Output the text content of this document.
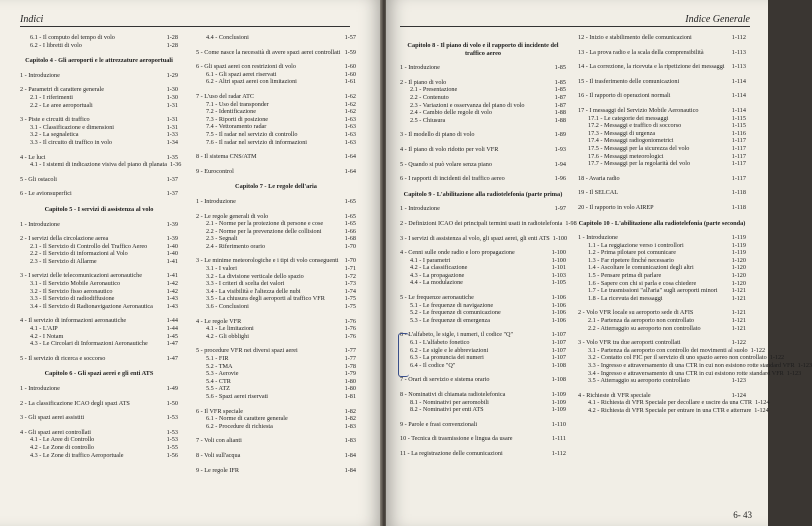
Indici
6.1 - Il computo del tempo di volo	1-28
6.2 - I libretti di volo	1-28
Capitolo 4 - Gli aeroporti e le attrezzature aeroportuali
1 - Introduzione	1-29
2 - Parametri di carattere generale	1-30
2.1 - I riferimenti	1-30
2.2 - Le aree aeroportuali	1-31
3 - Piste e circuiti di traffico	1-31
3.1 - Classificazione e dimensioni	1-31
3.2 - La segnaletica	1-33
3.3 - Il circuito di traffico in volo	1-34
4 - Le luci	1-35
4.1 - I sistemi di indicazione visiva del piano di planata 1-36
5 - Gli ostacoli	1-37
6 - Le avionsuperfici	1-37
Capitolo 5 - I servizi di assistenza al volo
1 - Introduzione	1-39
2 - I servizi della circolazione aerea	1-39
2.1 - Il Servizio di Controllo del Traffico Aereo	1-40
2.2 - Il Servizio di informazioni al Volo	1-40
2.3 - Il Servizio di Allarme	1-41
3 - I servizi delle telecomunicazioni aeronautiche	1-41
3.1 - Il Servizio Mobile Aeronautico	1-42
3.2 - Il Servizio fisso aeronautico	1-42
3.3 - Il Servizio di radiodiffusione	1-43
3.4 - Il Servizio di Radionavigazione Aeronautica	1-43
4 - Il servizio di informazioni aeronautiche	1-44
4.1 - L'AIP	1-44
4.2 - I Notam	1-45
4.3 - Le Circolari di Informazioni Aeronautiche	1-47
5 - Il servizio di ricerca e soccorso	1-47
Capitolo 6 - Gli spazi aerei e gli enti ATS
1 - Introduzione	1-49
2 - La classificazione ICAO degli spazi ATS	1-50
3 - Gli spazi aerei assistiti	1-53
4 - Gli spazi aerei controllati	1-53
4.1 - Le Aree di Controllo	1-53
4.2 - Le Zone di controllo	1-55
4.3 - Le Zone di traffico Aeroportuale	1-56
4.4 - Conclusioni	1-57
5 - Come nasce la necessità di avere spazi aerei controllati 1-59
6 - Gli spazi aerei con restrizioni di volo	1-60
6.1 - Gli spazi aerei riservati	1-60
6.2 - Altri spazi aerei con limitazioni	1-61
7 - L'uso del radar ATC	1-62
7.1 - Uso del transponder	1-62
7.2 - Identificazione	1-62
7.3 - Riporti di posizione	1-63
7.4 - Vettoramento radar	1-63
7.5 - Il radar nel servizio di controllo	1-63
7.6 - Il radar nel servizio di informazioni	1-63
8 - Il sistema CNS/ATM	1-64
9 - Eurocontrol	1-64
Capitolo 7 - Le regole dell'aria
1 - Introduzione	1-65
2 - Le regole generali di volo	1-65
2.1 - Norme per la protezione di persone e cose	1-65
2.2 - Norme per la prevenzione delle collisioni	1-66
2.3 - Segnali	1-68
2.4 - Riferimento orario	1-70
3 - Le minime meteorologiche e i tipi di volo conseguenti 1-70
3.1 - I valori	1-71
3.2 - La divisione verticale dello spazio	1-72
3.3 - I criteri di scelta dei valori	1-73
3.4 - La visibilità e l'altezza delle nubi	1-74
3.5 - La chiusura degli aeroporti al traffico VFR	1-75
3.6 - Conclusioni	1-75
4 - Le regole VFR	1-76
4.1 - Le limitazioni	1-76
4.2 - Gli obblighi	1-76
5 - procedure VFR nei diversi spazi aerei	1-77
5.1 - FIR	1-77
5.2 - TMA	1-78
5.3 - Aerovie	1-79
5.4 - CTR	1-80
5.5 - ATZ	1-80
5.6 - Spazi aerei riservati	1-81
6 - Il VFR speciale	1-82
6.1 - Norme di carattere generale	1-82
6.2 - Procedure di richiesta	1-83
7 - Voli con alianti	1-83
8 - Voli sull'acqua	1-84
9 - Le regole IFR	1-84
Indice Generale
Capitolo 8 - Il piano di volo e il rapporto di incidente del traffico aereo
1 - Introduzione	1-85
2 - Il piano di volo	1-85
2.1 - Presentazione	1-85
2.2 - Contenuto	1-87
2.3 - Variazioni e osservanza del piano di volo	1-87
2.4 - Cambio delle regole di volo	1-88
2.5 - Chiusura	1-88
3 - Il modello di piano di volo	1-89
4 - Il piano di volo ridotto per voli VFR	1-93
5 - Quando si può volare senza piano	1-94
6 - I rapporti di incidenti del traffico aereo	1-96
Capitolo 9 - L'abilitazione alla radiotelefonia (parte prima)
1 - Introduzione	1-97
2 - Definizioni ICAO dei principali termini usati in radiotelefonia 1-98
3 - I servizi di assistenza al volo, gli spazi aerei, gli enti ATS 1-100
4 - Cenni sulle onde radio e loro propagazione	1-100
4.1 - I parametri	1-100
4.2 - La classificazione	1-101
4.3 - La propagazione	1-103
4.4 - La modulazione	1-105
5 - Le frequenze aeronautiche	1-106
5.1 - Le frequenze di navigazione	1-106
5.2 - Le frequenze di comunicazione	1-106
5.3 - Le frequenze di emergenza	1-106
6 - L'alfabeto, le sigle, i numeri, il codice "Q"	1-107
6.1 - L'alfabeto fonetico	1-107
6.2 - Le sigle e le abbreviazioni	1-107
6.3 - La pronuncia dei numeri	1-107
6.4 - Il codice "Q"	1-108
7 - Orari di servizio e sistema orario	1-108
8 - Nominativi di chiamata radiotelefonica	1-109
8.1 - Nominativi per aeromobili	1-109
8.2 - Nominativi per enti ATS	1-109
9 - Parole e frasi convenzionali	1-110
10 - Tecnica di trasmissione e lingua da usare	1-111
11 - La registrazione delle comunicazioni	1-112
12 - Inizio e stabilimento delle comunicazioni	1-112
13 - La prova radio e la scala della comprensibilità	1-113
14 - La correzione, la ricevuta e la ripetizione dei messaggi	1-113
15 - Il trasferimento delle comunicazioni	1-114
16 - Il rapporto di operazioni normali	1-114
17 - I messaggi del Servizio Mobile Aeronautico	1-114
17.1 - Le categorie dei messaggi	1-115
17.2 - Messaggi e traffico di soccorso	1-115
17.3 - Messaggi di urgenza	1-116
17.4 - Messaggi radiogoniometrici	1-117
17.5 - Messaggi per la sicurezza del volo	1-117
17.6 - Messaggi meteorologici	1-117
17.7 - Messaggi per la regolarità del volo	1-117
18 - Avaria radio	1-117
19 - Il SELCAL	1-118
20 - Il rapporto in volo AIREP	1-118
Capitolo 10 - L'abilitazione alla radiotelefonia (parte seconda)
1 - Introduzione	1-119
1.1 - La reggiazione verso i controllori	1-119
1.2 - Prima pilotare poi comunicare	1-119
1.3 - Far ripetere finché necessario	1-120
1.4 - Ascoltare le comunicazioni degli altri	1-120
1.5 - Pensare prima di parlare	1-120
1.6 - Sapere con chi si parla e cosa chiedere	1-120
1.7 - Le trasmissioni "all'aria" sugli aeroporti minori	1-121
1.8 - La ricevuta dei messaggi	1-121
2 - Volo VFR locale su aeroporto sede di AFIS	1-121
2.1 - Partenza da aeroporto non controllato	1-121
2.2 - Atterraggio su aeroporto non controllato	1-121
3 - Volo VFR tra due aeroporti controllati	1-122
3.1 - Partenza da aeroporto con controllo dei movimenti al suolo 1-122
3.2 - Contatto col FIC per il servizio di uno spazio aereo non controllato 1-122
3.3 - Ingresso e attraversamento di una CTR in cui non esistono rotte standard VFR 1-123
3.4 - Ingresso e attraversamento di una CTR in cui esistono rotte standard VFR 1-123
3.5 - Atterraggio su aeroporto controllato	1-123
4 - Richieste di VFR speciale	1-124
4.1 - Richiesta di VFR Speciale per decollare e uscire da una CTR 1-124
4.2 - Richiesta di VFR Speciale per entrare in una CTR e atterrare 1-124
6- 43
